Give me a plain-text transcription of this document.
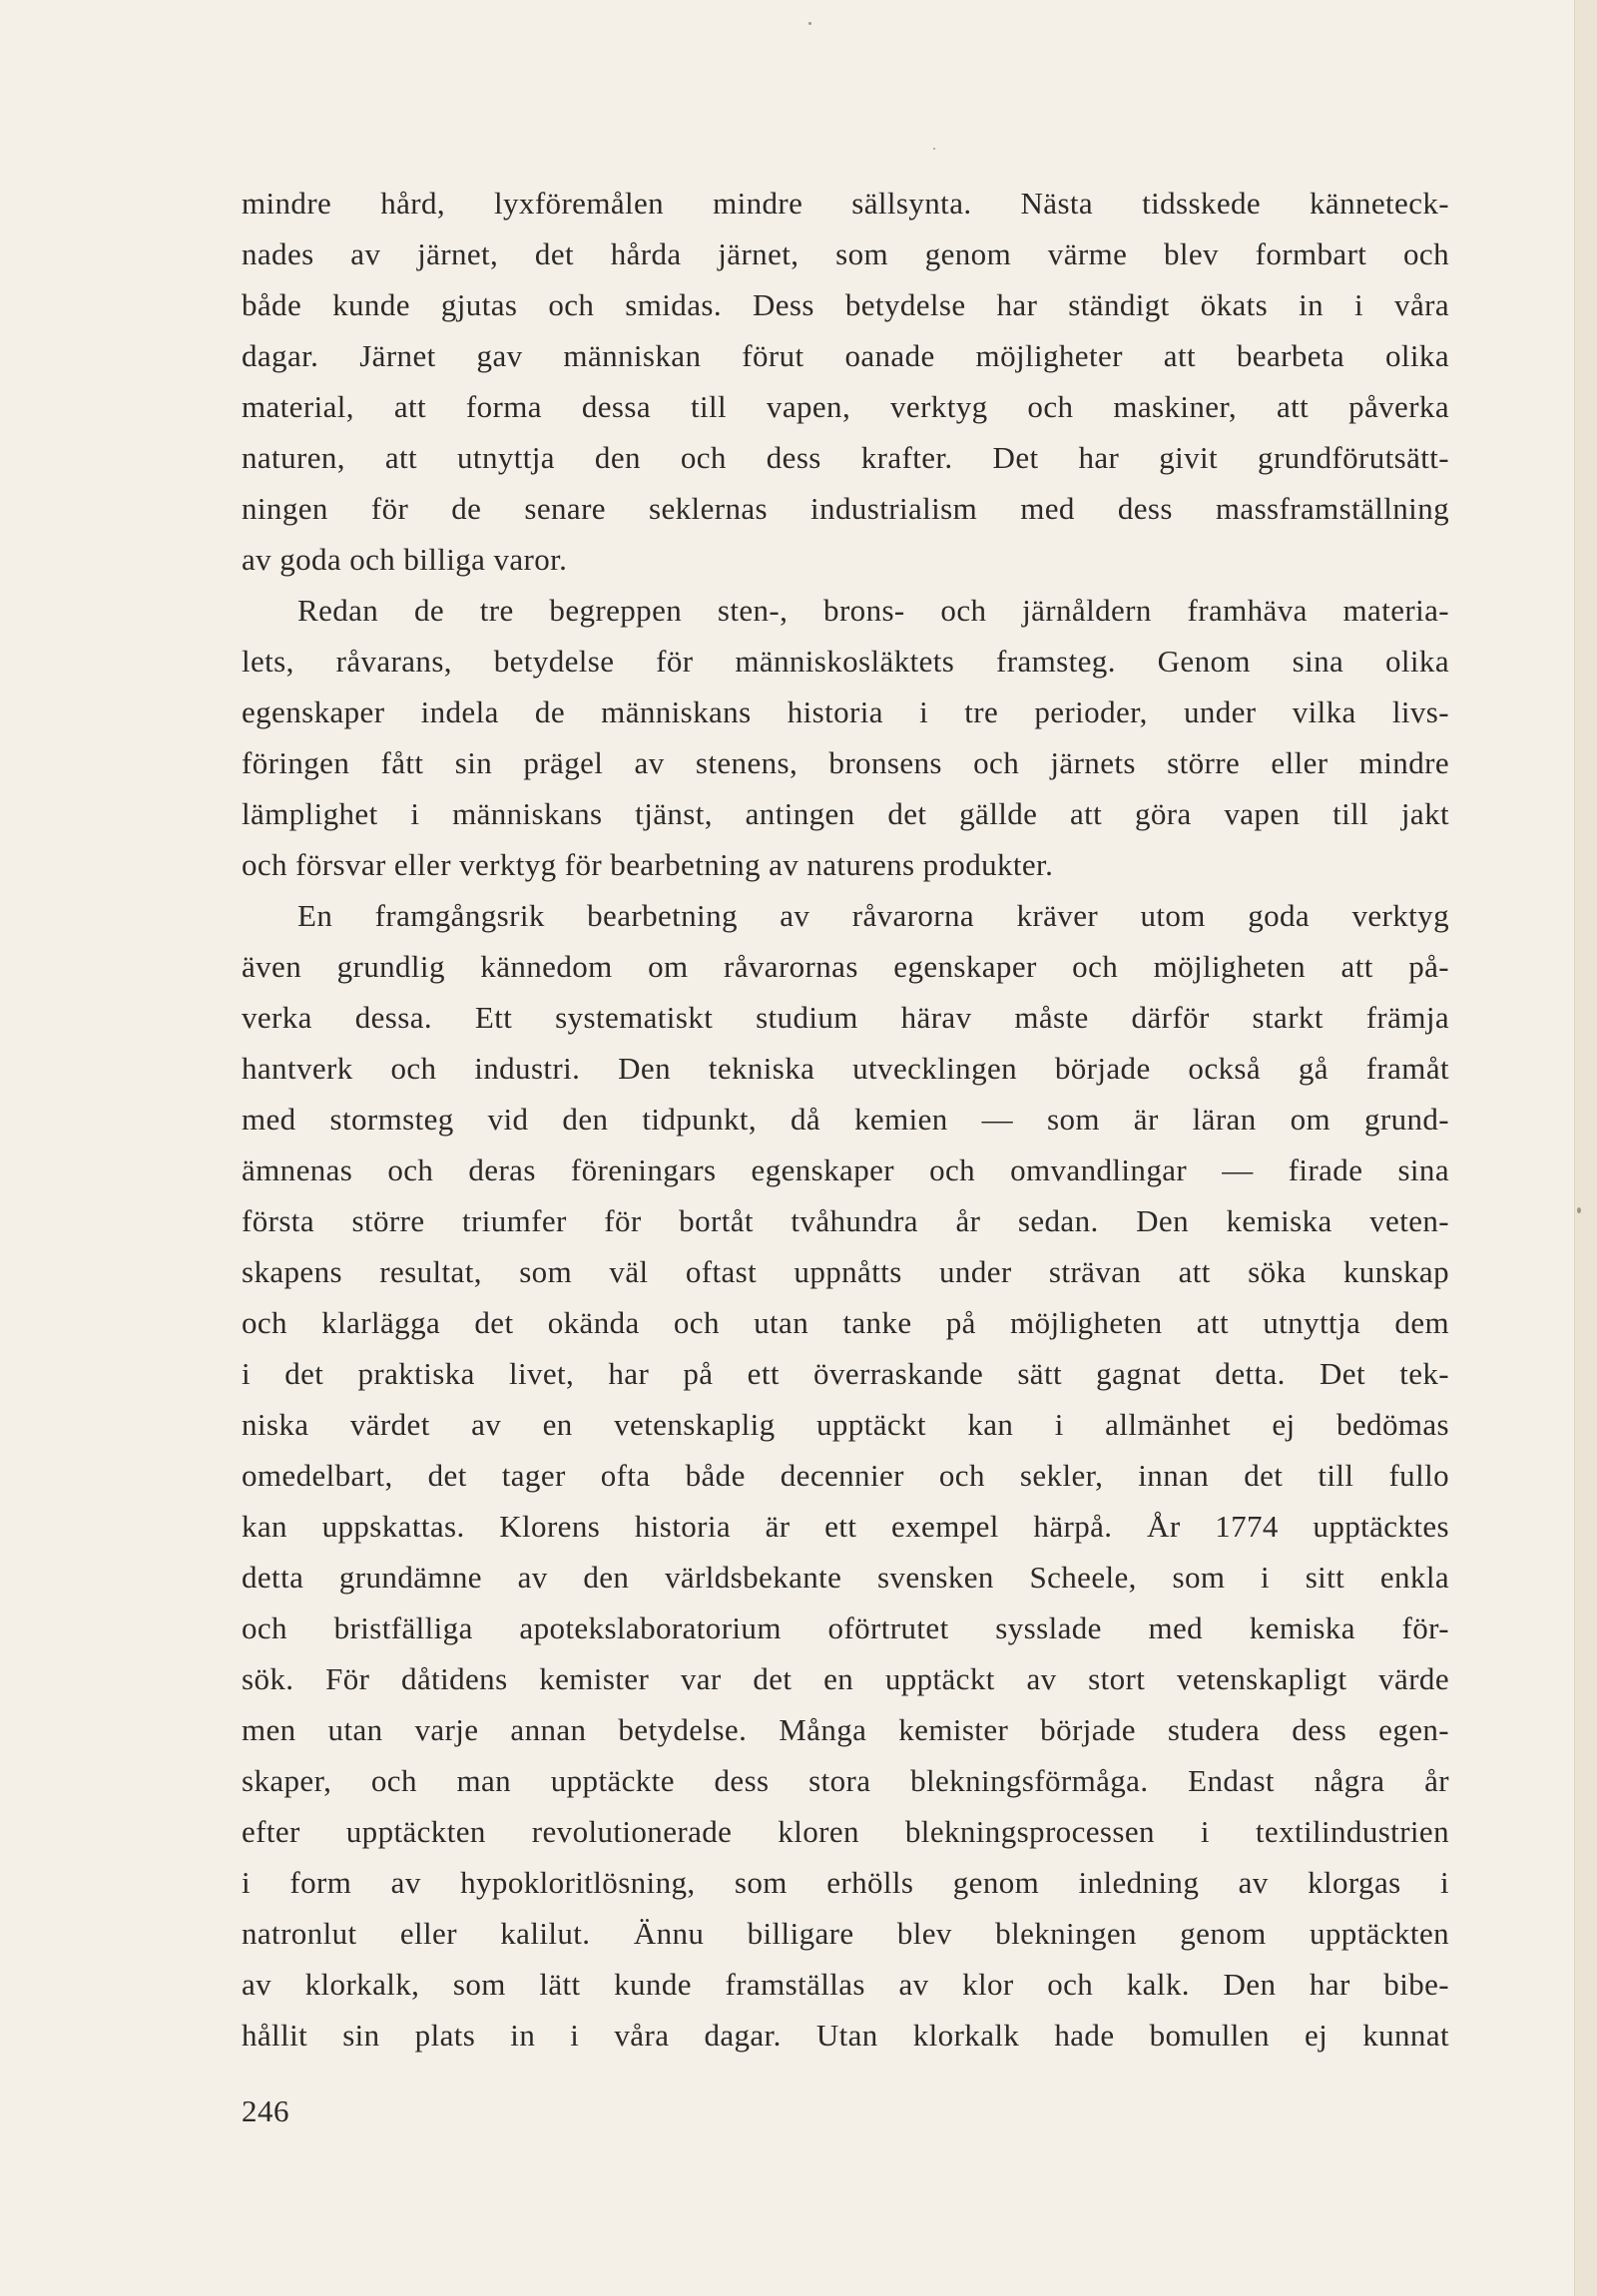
mindre hård, lyxföremålen mindre sällsynta. Nästa tidsskede känneteck-
nades av järnet, det hårda järnet, som genom värme blev formbart och
både kunde gjutas och smidas. Dess betydelse har ständigt ökats in i våra
dagar. Järnet gav människan förut oanade möjligheter att bearbeta olika
material, att forma dessa till vapen, verktyg och maskiner, att påverka
naturen, att utnyttja den och dess krafter. Det har givit grundförutsätt-
ningen för de senare seklernas industrialism med dess massframställning
av goda och billiga varor.
Redan de tre begreppen sten-, brons- och järnåldern framhäva materia-
lets, råvarans, betydelse för människosläktets framsteg. Genom sina olika
egenskaper indela de människans historia i tre perioder, under vilka livs-
föringen fått sin prägel av stenens, bronsens och järnets större eller mindre
lämplighet i människans tjänst, antingen det gällde att göra vapen till jakt
och försvar eller verktyg för bearbetning av naturens produkter.
En framgångsrik bearbetning av råvarorna kräver utom goda verktyg
även grundlig kännedom om råvarornas egenskaper och möjligheten att på-
verka dessa. Ett systematiskt studium härav måste därför starkt främja
hantverk och industri. Den tekniska utvecklingen började också gå framåt
med stormsteg vid den tidpunkt, då kemien — som är läran om grund-
ämnenas och deras föreningars egenskaper och omvandlingar — firade sina
första större triumfer för bortåt tvåhundra år sedan. Den kemiska veten-
skapens resultat, som väl oftast uppnåtts under strävan att söka kunskap
och klarlägga det okända och utan tanke på möjligheten att utnyttja dem
i det praktiska livet, har på ett överraskande sätt gagnat detta. Det tek-
niska värdet av en vetenskaplig upptäckt kan i allmänhet ej bedömas
omedelbart, det tager ofta både decennier och sekler, innan det till fullo
kan uppskattas. Klorens historia är ett exempel härpå. År 1774 upptäcktes
detta grundämne av den världsbekante svensken Scheele, som i sitt enkla
och bristfälliga apotekslaboratorium oförtrutet sysslade med kemiska för-
sök. För dåtidens kemister var det en upptäckt av stort vetenskapligt värde
men utan varje annan betydelse. Många kemister började studera dess egen-
skaper, och man upptäckte dess stora blekningsförmåga. Endast några år
efter upptäckten revolutionerade kloren blekningsprocessen i textilindustrien
i form av hypokloritlösning, som erhölls genom inledning av klorgas i
natronlut eller kalilut. Ännu billigare blev blekningen genom upptäckten
av klorkalk, som lätt kunde framställas av klor och kalk. Den har bibe-
hållit sin plats in i våra dagar. Utan klorkalk hade bomullen ej kunnat
246
